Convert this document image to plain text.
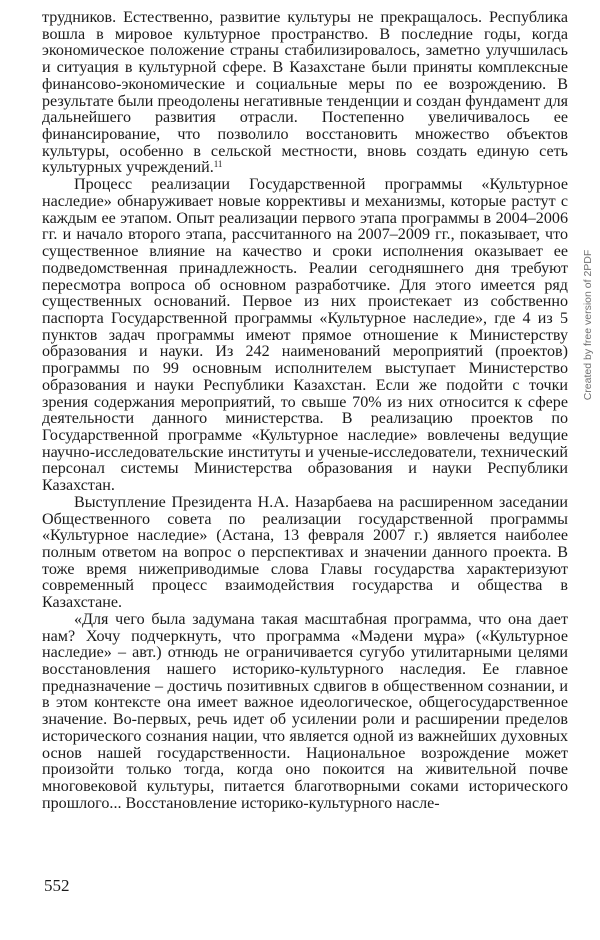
трудников. Естественно, развитие культуры не прекращалось. Республика вошла в мировое культурное пространство. В последние годы, когда экономическое положение страны стабилизировалось, заметно улучшилась и ситуация в культурной сфере. В Казахстане были приняты комплексные финансово-экономические и социальные меры по ее возрождению. В результате были преодолены негативные тенденции и создан фундамент для дальнейшего развития отрасли. Постепенно увеличивалось ее финансирование, что позволило восстановить множество объектов культуры, особенно в сельской местности, вновь создать единую сеть культурных учреждений.$^{11}$

Процесс реализации Государственной программы «Культурное наследие» обнаруживает новые коррективы и механизмы, которые растут с каждым ее этапом. Опыт реализации первого этапа программы в 2004–2006 гг. и начало второго этапа, рассчитанного на 2007–2009 гг., показывает, что существенное влияние на качество и сроки исполнения оказывает ее подведомственная принадлежность. Реалии сегодняшнего дня требуют пересмотра вопроса об основном разработчике. Для этого имеется ряд существенных оснований. Первое из них проистекает из собственно паспорта Государственной программы «Культурное наследие», где 4 из 5 пунктов задач программы имеют прямое отношение к Министерству образования и науки. Из 242 наименований мероприятий (проектов) программы по 99 основным исполнителем выступает Министерство образования и науки Республики Казахстан. Если же подойти с точки зрения содержания мероприятий, то свыше 70% из них относится к сфере деятельности данного министерства. В реализацию проектов по Государственной программе «Культурное наследие» вовлечены ведущие научно-исследовательские институты и ученые-исследователи, технический персонал системы Министерства образования и науки Республики Казахстан.

Выступление Президента Н.А. Назарбаева на расширенном заседании Общественного совета по реализации государственной программы «Культурное наследие» (Астана, 13 февраля 2007 г.) является наиболее полным ответом на вопрос о перспективах и значении данного проекта. В тоже время нижеприводимые слова Главы государства характеризуют современный процесс взаимодействия государства и общества в Казахстане.

«Для чего была задумана такая масштабная программа, что она дает нам? Хочу подчеркнуть, что программа «Мәдени мұра» («Культурное наследие» – авт.) отнюдь не ограничивается сугубо утилитарными целями восстановления нашего историко-культурного наследия. Ее главное предназначение – достичь позитивных сдвигов в общественном сознании, и в этом контексте она имеет важное идеологическое, общегосударственное значение. Во-первых, речь идет об усилении роли и расширении пределов исторического сознания нации, что является одной из важнейших духовных основ нашей государственности. Национальное возрождение может произойти только тогда, когда оно покоится на живительной почве многовековой культуры, питается благотворными соками исторического прошлого... Восстановление историко-культурного насле-

552
Created by free version of 2PDF
